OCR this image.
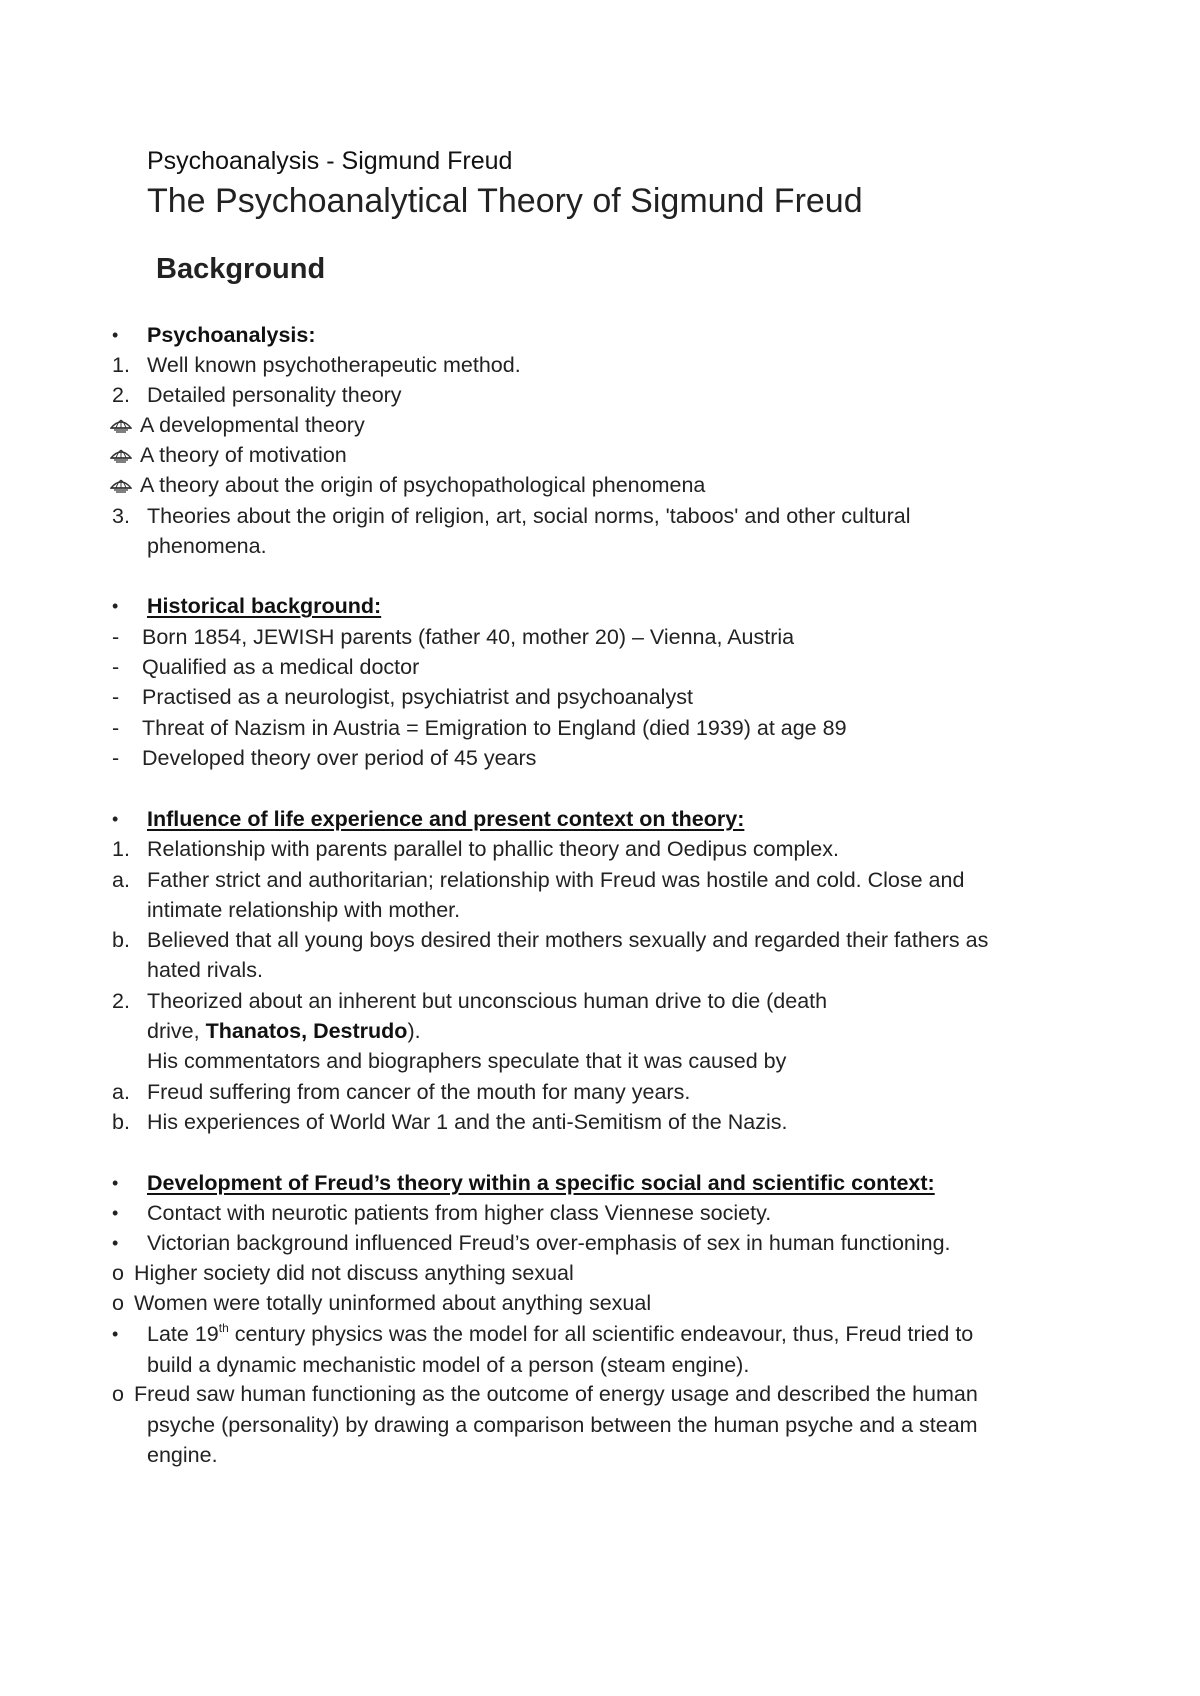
Psychoanalysis - Sigmund Freud
The Psychoanalytical Theory of Sigmund Freud
Background
• Psychoanalysis:
1. Well known psychotherapeutic method.
2. Detailed personality theory
A developmental theory
A theory of motivation
A theory about the origin of psychopathological phenomena
3. Theories about the origin of religion, art, social norms, 'taboos' and other cultural
phenomena.
• Historical background:
- Born 1854, JEWISH parents (father 40, mother 20) – Vienna, Austria
- Qualified as a medical doctor
- Practised as a neurologist, psychiatrist and psychoanalyst
- Threat of Nazism in Austria = Emigration to England (died 1939) at age 89
- Developed theory over period of 45 years
• Influence of life experience and present context on theory:
1. Relationship with parents parallel to phallic theory and Oedipus complex.
a. Father strict and authoritarian; relationship with Freud was hostile and cold. Close and
intimate relationship with mother.
b. Believed that all young boys desired their mothers sexually and regarded their fathers as
hated rivals.
2. Theorized about an inherent but unconscious human drive to die (death
drive, Thanatos, Destrudo).
His commentators and biographers speculate that it was caused by
a. Freud suffering from cancer of the mouth for many years.
b. His experiences of World War 1 and the anti-Semitism of the Nazis.
• Development of Freud’s theory within a specific social and scientific context:
• Contact with neurotic patients from higher class Viennese society.
• Victorian background influenced Freud’s over-emphasis of sex in human functioning.
o Higher society did not discuss anything sexual
o Women were totally uninformed about anything sexual
• Late 19th century physics was the model for all scientific endeavour, thus, Freud tried to
build a dynamic mechanistic model of a person (steam engine).
o Freud saw human functioning as the outcome of energy usage and described the human
psyche (personality) by drawing a comparison between the human psyche and a steam
engine.
